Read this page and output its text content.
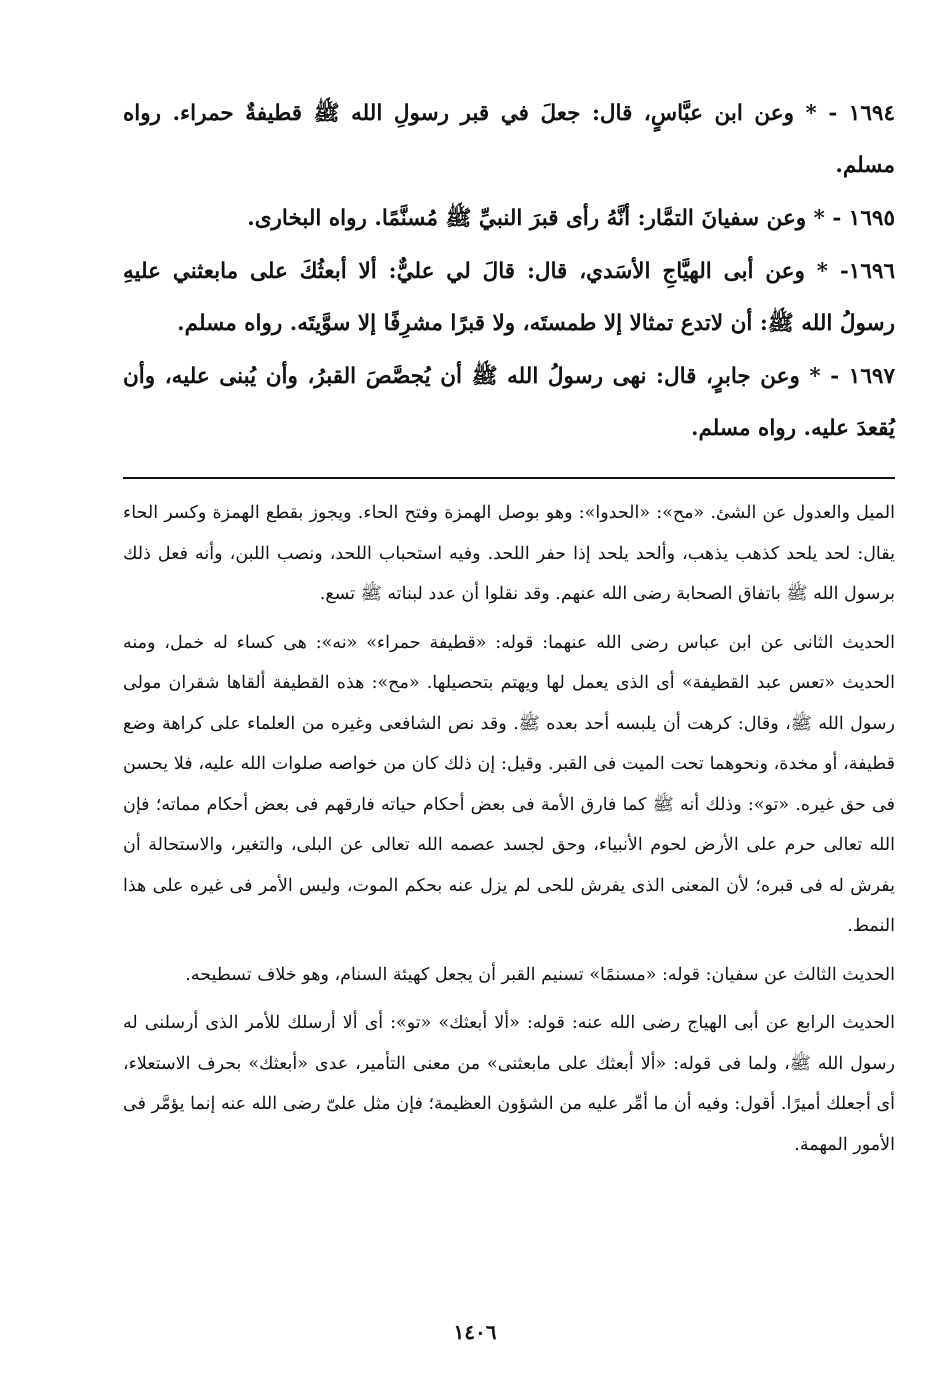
١٦٩٤ - * وعن ابن عبَّاسٍ، قال: جعلَ في قبر رسولِ الله ﷺ قطيفةٌ حمراء. رواه مسلم.

١٦٩٥ - * وعن سفيانَ التمَّار: أنَّهُ رأى قبرَ النبيِّ ﷺ مُسنَّمًا. رواه البخارى.

١٦٩٦- * وعن أبى الهيَّاجِ الأسَدي، قال: قالَ لي عليٌّ: ألا أبعثُكَ على مابعثني عليهِ رسولُ الله ﷺ: أن لاتدع تمثالا إلا طمستَه، ولا قبرًا مشرِفًا إلا سوَّيتَه. رواه مسلم.

١٦٩٧ - * وعن جابرٍ، قال: نهى رسولُ الله ﷺ أن يُجصَّصَ القبرُ، وأن يُبنى عليه، وأن يُقعدَ عليه. رواه مسلم.

الميل والعدول عن الشئ. «مح»: «الحدوا»: وهو بوصل الهمزة وفتح الحاء. ويجوز بقطع الهمزة وكسر الحاء يقال: لحد يلحد كذهب يذهب، وألحد يلحد إذا حفر اللحد. وفيه استحباب اللحد، ونصب اللبن، وأنه فعل ذلك برسول الله ﷺ باتفاق الصحابة رضى الله عنهم. وقد نقلوا أن عدد لبناته ﷺ تسع.

الحديث الثانى عن ابن عباس رضى الله عنهما: قوله: «قطيفة حمراء» «نه»: هى كساء له خمل، ومنه الحديث «تعس عبد القطيفة» أى الذى يعمل لها ويهتم بتحصيلها. «مح»: هذه القطيفة ألقاها شقران مولى رسول الله ﷺ، وقال: كرهت أن يلبسه أحد بعده ﷺ. وقد نص الشافعى وغيره من العلماء على كراهة وضع قطيفة، أو مخدة، ونحوهما تحت الميت فى القبر. وقيل: إن ذلك كان من خواصه صلوات الله عليه، فلا يحسن فى حق غيره. «تو»: وذلك أنه ﷺ كما فارق الأمة فى بعض أحكام حياته فارقهم فى بعض أحكام مماته؛ فإن الله تعالى حرم على الأرض لحوم الأنبياء، وحق لجسد عصمه الله تعالى عن البلى، والتغير، والاستحالة أن يفرش له فى قبره؛ لأن المعنى الذى يفرش للحى لم يزل عنه بحكم الموت، وليس الأمر فى غيره على هذا النمط.

الحديث الثالث عن سفيان: قوله: «مسنمًا» تسنيم القبر أن يجعل كهيئة السنام، وهو خلاف تسطيحه.

الحديث الرابع عن أبى الهياج رضى الله عنه: قوله: «ألا أبعثك» «تو»: أى ألا أرسلك للأمر الذى أرسلنى له رسول الله ﷺ، ولما فى قوله: «ألا أبعثك على مابعثنى» من معنى التأمير، عدى «أبعثك» بحرف الاستعلاء، أى أجعلك أميرًا. أقول: وفيه أن ما أمِّر عليه من الشؤون العظيمة؛ فإن مثل علىّ رضى الله عنه إنما يؤمَّر فى الأمور المهمة.

١٤٠٦
